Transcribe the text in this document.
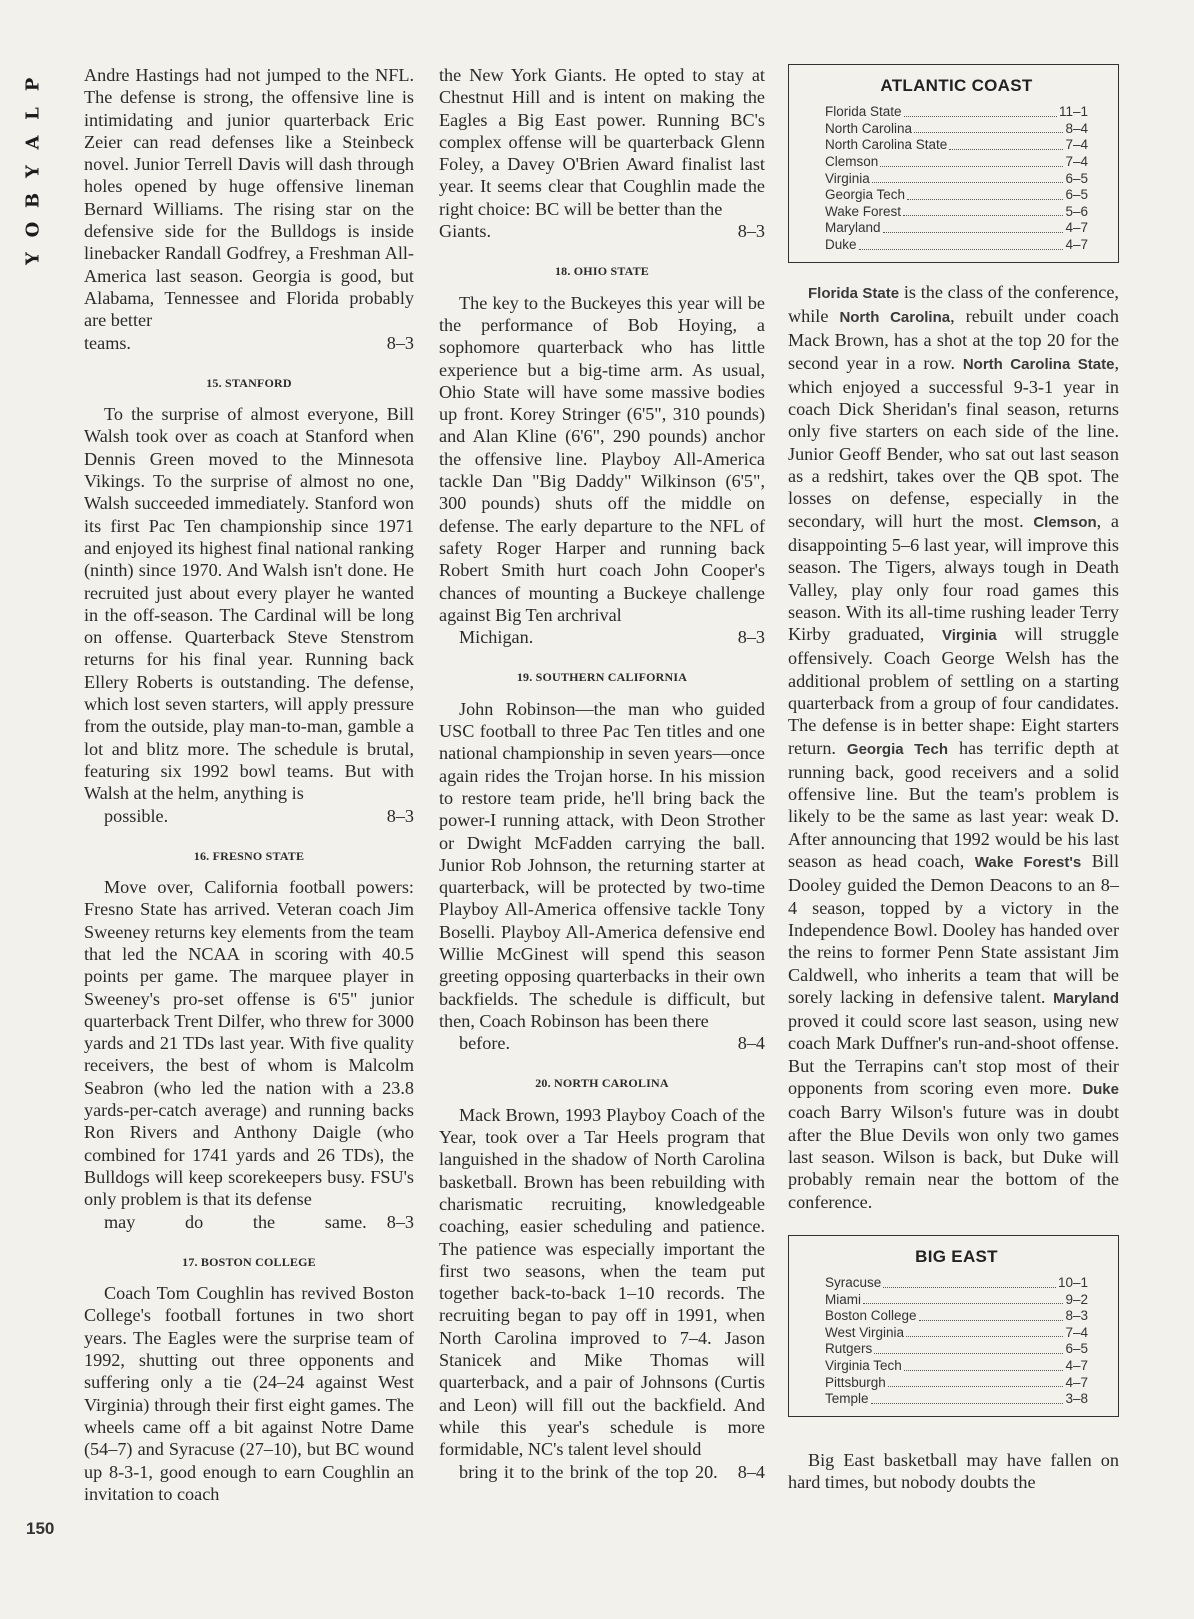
P
L
A
Y
B
O
Y
150

Andre Hastings had not jumped to the NFL. The defense is strong, the offensive line is intimidating and junior quarterback Eric Zeier can read defenses like a Steinbeck novel. Junior Terrell Davis will dash through holes opened by huge offensive lineman Bernard Williams. The rising star on the defensive side for the Bulldogs is inside linebacker Randall Godfrey, a Freshman All-America last season. Georgia is good, but Alabama, Tennessee and Florida probably are better
teams.	8–3

15. STANFORD

To the surprise of almost everyone, Bill Walsh took over as coach at Stanford when Dennis Green moved to the Minnesota Vikings. To the surprise of almost no one, Walsh succeeded immediately. Stanford won its first Pac Ten championship since 1971 and enjoyed its highest final national ranking (ninth) since 1970. And Walsh isn't done. He recruited just about every player he wanted in the off-season. The Cardinal will be long on offense. Quarterback Steve Stenstrom returns for his final year. Running back Ellery Roberts is outstanding. The defense, which lost seven starters, will apply pressure from the outside, play man-to-man, gamble a lot and blitz more. The schedule is brutal, featuring six 1992 bowl teams. But with Walsh at the helm, anything is
possible.	8–3

16. FRESNO STATE

Move over, California football powers: Fresno State has arrived. Veteran coach Jim Sweeney returns key elements from the team that led the NCAA in scoring with 40.5 points per game. The marquee player in Sweeney's pro-set offense is 6'5" junior quarterback Trent Dilfer, who threw for 3000 yards and 21 TDs last year. With five quality receivers, the best of whom is Malcolm Seabron (who led the nation with a 23.8 yards-per-catch average) and running backs Ron Rivers and Anthony Daigle (who combined for 1741 yards and 26 TDs), the Bulldogs will keep scorekeepers busy. FSU's only problem is that its defense
may do the same.	8–3

17. BOSTON COLLEGE

Coach Tom Coughlin has revived Boston College's football fortunes in two short years. The Eagles were the surprise team of 1992, shutting out three opponents and suffering only a tie (24–24 against West Virginia) through their first eight games. The wheels came off a bit against Notre Dame (54–7) and Syracuse (27–10), but BC wound up 8-3-1, good enough to earn Coughlin an invitation to coach

the New York Giants. He opted to stay at Chestnut Hill and is intent on making the Eagles a Big East power. Running BC's complex offense will be quarterback Glenn Foley, a Davey O'Brien Award finalist last year. It seems clear that Coughlin made the right choice: BC will be better than the
Giants.	8–3

18. OHIO STATE

The key to the Buckeyes this year will be the performance of Bob Hoying, a sophomore quarterback who has little experience but a big-time arm. As usual, Ohio State will have some massive bodies up front. Korey Stringer (6'5", 310 pounds) and Alan Kline (6'6", 290 pounds) anchor the offensive line. Playboy All-America tackle Dan "Big Daddy" Wilkinson (6'5", 300 pounds) shuts off the middle on defense. The early departure to the NFL of safety Roger Harper and running back Robert Smith hurt coach John Cooper's chances of mounting a Buckeye challenge against Big Ten archrival
Michigan.	8–3

19. SOUTHERN CALIFORNIA

John Robinson—the man who guided USC football to three Pac Ten titles and one national championship in seven years—once again rides the Trojan horse. In his mission to restore team pride, he'll bring back the power-I running attack, with Deon Strother or Dwight McFadden carrying the ball. Junior Rob Johnson, the returning starter at quarterback, will be protected by two-time Playboy All-America offensive tackle Tony Boselli. Playboy All-America defensive end Willie McGinest will spend this season greeting opposing quarterbacks in their own backfields. The schedule is difficult, but then, Coach Robinson has been there
before.	8–4

20. NORTH CAROLINA

Mack Brown, 1993 Playboy Coach of the Year, took over a Tar Heels program that languished in the shadow of North Carolina basketball. Brown has been rebuilding with charismatic recruiting, knowledgeable coaching, easier scheduling and patience. The patience was especially important the first two seasons, when the team put together back-to-back 1–10 records. The recruiting began to pay off in 1991, when North Carolina improved to 7–4. Jason Stanicek and Mike Thomas will quarterback, and a pair of Johnsons (Curtis and Leon) will fill out the backfield. And while this year's schedule is more formidable, NC's talent level should
bring it to the brink of the top 20.	8–4

ATLANTIC COAST
Florida State	11–1
North Carolina	8–4
North Carolina State	7–4
Clemson	7–4
Virginia	6–5
Georgia Tech	6–5
Wake Forest	5–6
Maryland	4–7
Duke	4–7

Florida State is the class of the conference, while North Carolina, rebuilt under coach Mack Brown, has a shot at the top 20 for the second year in a row. North Carolina State, which enjoyed a successful 9-3-1 year in coach Dick Sheridan's final season, returns only five starters on each side of the line. Junior Geoff Bender, who sat out last season as a redshirt, takes over the QB spot. The losses on defense, especially in the secondary, will hurt the most. Clemson, a disappointing 5–6 last year, will improve this season. The Tigers, always tough in Death Valley, play only four road games this season. With its all-time rushing leader Terry Kirby graduated, Virginia will struggle offensively. Coach George Welsh has the additional problem of settling on a starting quarterback from a group of four candidates. The defense is in better shape: Eight starters return. Georgia Tech has terrific depth at running back, good receivers and a solid offensive line. But the team's problem is likely to be the same as last year: weak D. After announcing that 1992 would be his last season as head coach, Wake Forest's Bill Dooley guided the Demon Deacons to an 8–4 season, topped by a victory in the Independence Bowl. Dooley has handed over the reins to former Penn State assistant Jim Caldwell, who inherits a team that will be sorely lacking in defensive talent. Maryland proved it could score last season, using new coach Mark Duffner's run-and-shoot offense. But the Terrapins can't stop most of their opponents from scoring even more. Duke coach Barry Wilson's future was in doubt after the Blue Devils won only two games last season. Wilson is back, but Duke will probably remain near the bottom of the conference.

BIG EAST
Syracuse	10–1
Miami	9–2
Boston College	8–3
West Virginia	7–4
Rutgers	6–5
Virginia Tech	4–7
Pittsburgh	4–7
Temple	3–8

Big East basketball may have fallen on hard times, but nobody doubts the
